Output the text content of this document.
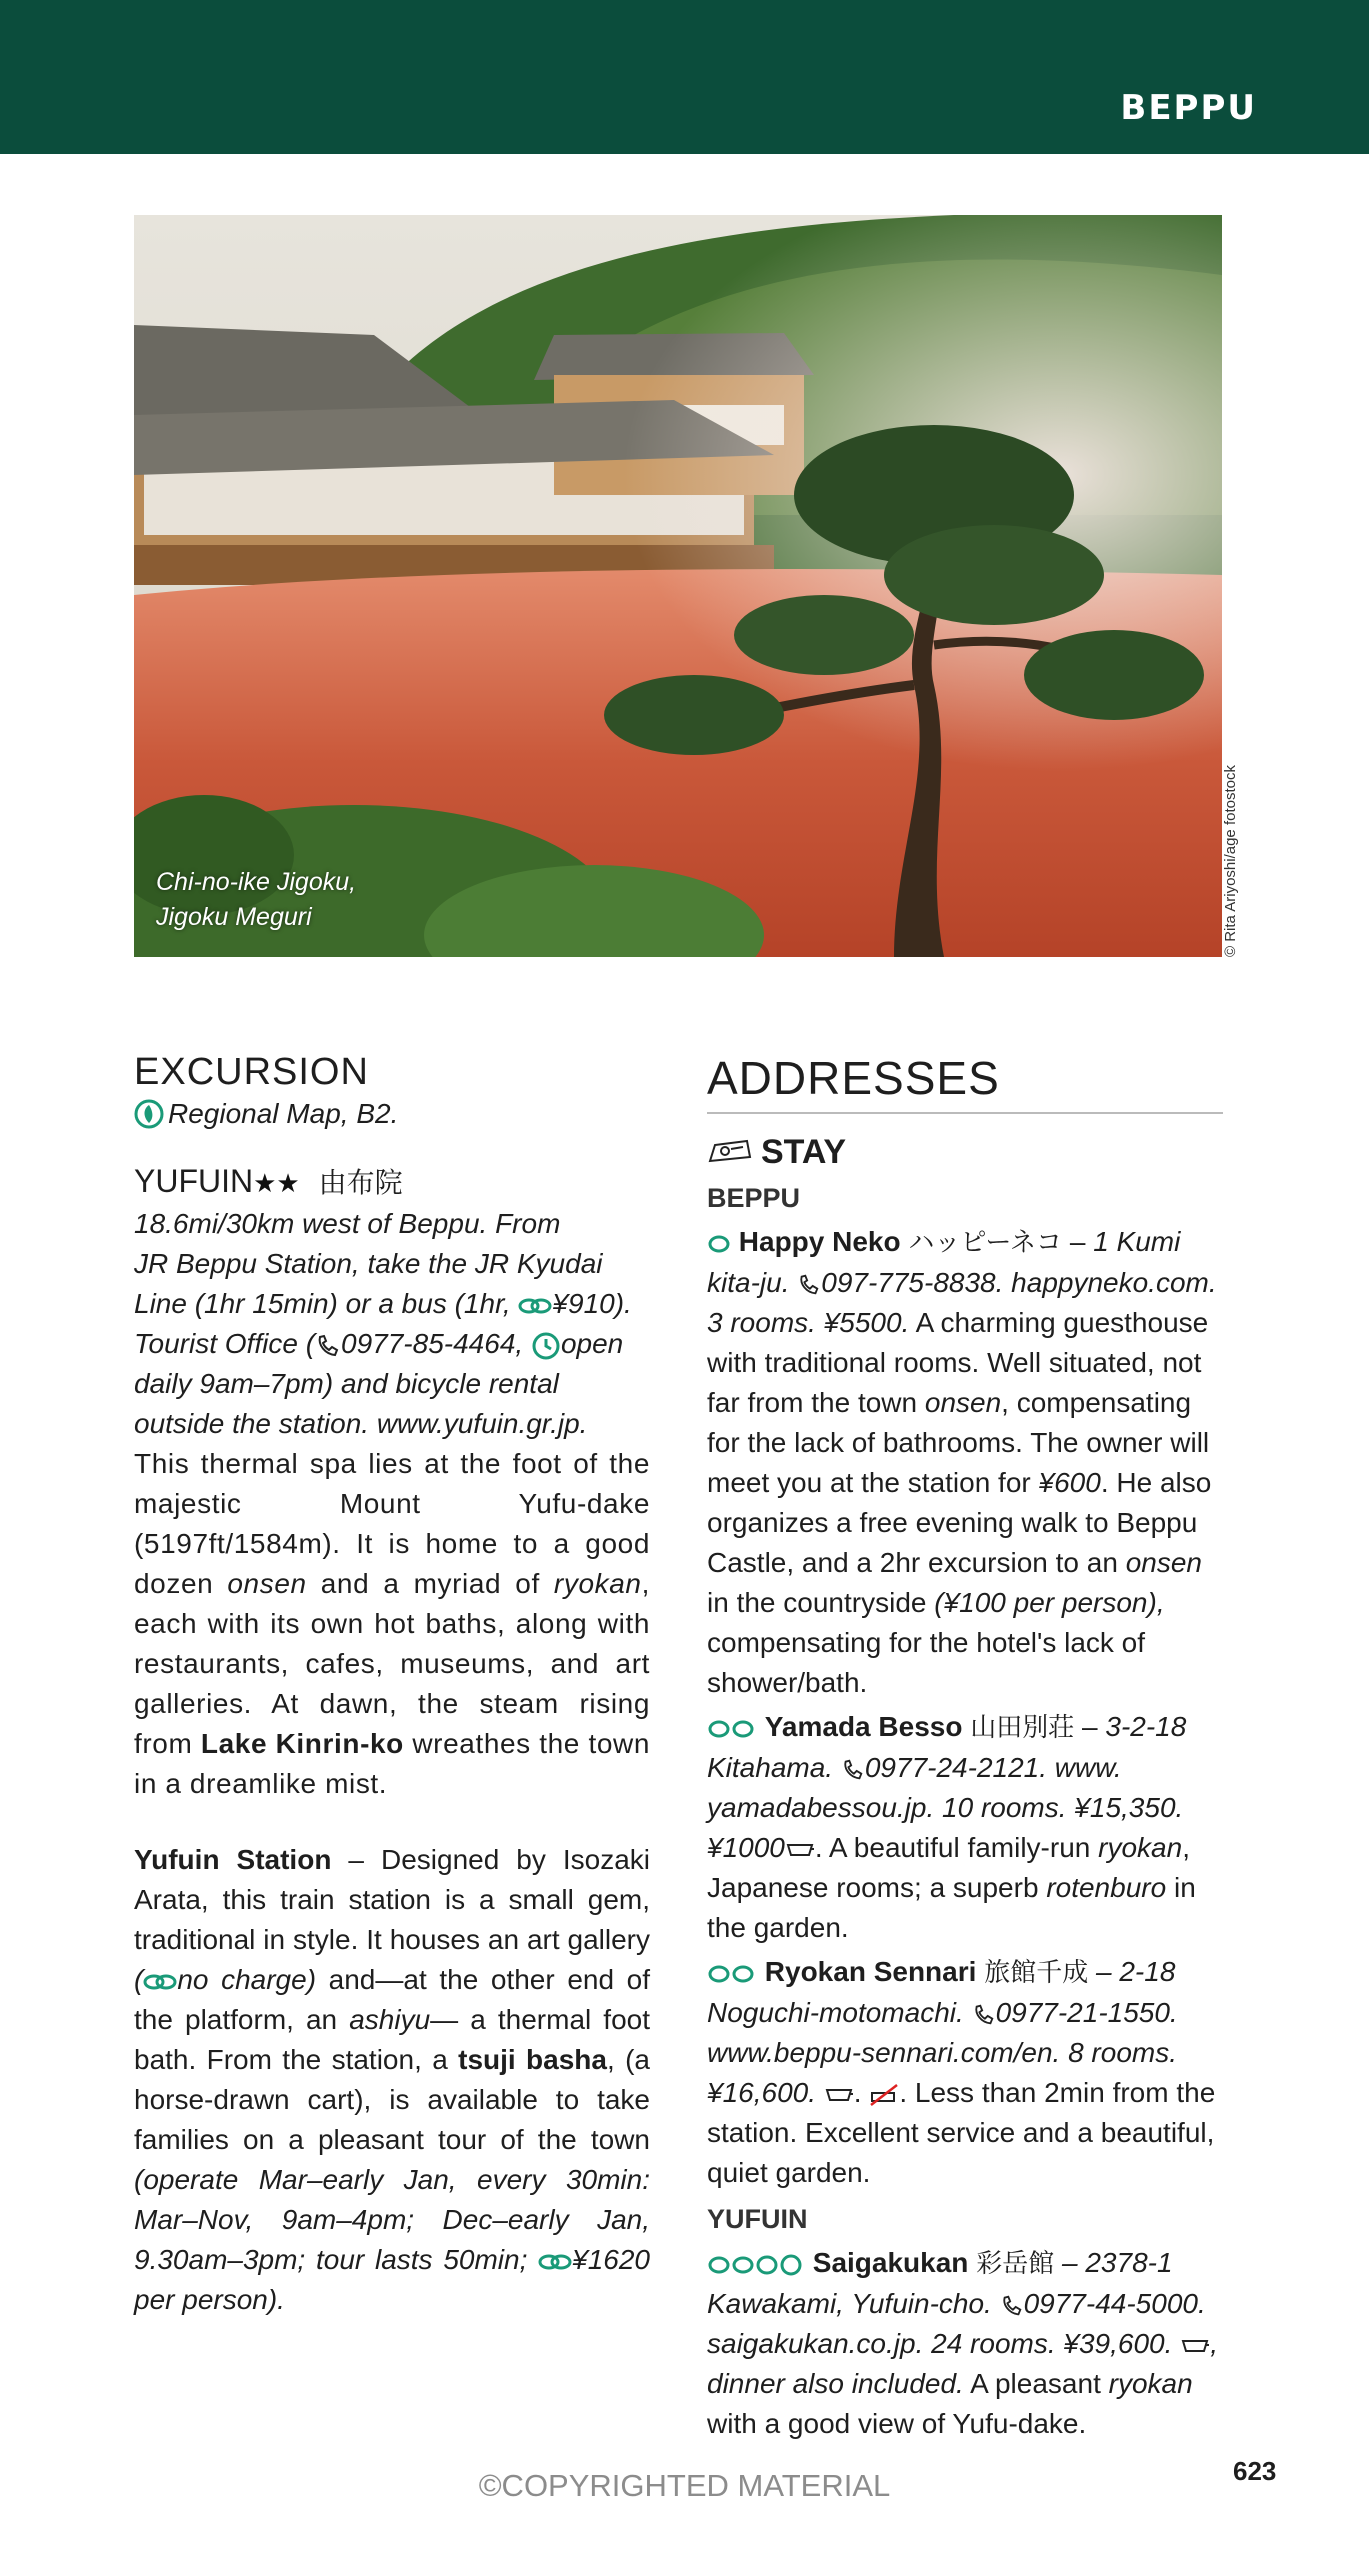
BEPPU
Chi-no-ike Jigoku,
Jigoku Meguri	© Rita Ariyoshi/age fotostock
EXCURSION
Regional Map, B2.
YUFUIN★★ 由布院
18.6mi/30km west of Beppu. From
JR Beppu Station, take the JR Kyudai
Line (1hr 15min) or a bus (1hr, ¥910).
Tourist Office ( 0977-85-4464, open
daily 9am–7pm) and bicycle rental
outside the station. www.yufuin.gr.jp.
This thermal spa lies at the foot of the majestic Mount Yufu-dake (5197ft/1584m). It is home to a good dozen onsen and a myriad of ryokan, each with its own hot baths, along with restaurants, cafes, museums, and art galleries. At dawn, the steam rising from Lake Kinrin-ko wreathes the town in a dreamlike mist.
Yufuin Station – Designed by Isozaki Arata, this train station is a small gem, traditional in style. It houses an art gallery ( no charge) and—at the other end of the platform, an ashiyu— a thermal foot bath. From the station, a tsuji basha, (a horse-drawn cart), is available to take families on a pleasant tour of the town (operate Mar–early Jan, every 30min: Mar–Nov, 9am–4pm; Dec–early Jan, 9.30am–3pm; tour lasts 50min; ¥1620 per person).
ADDRESSES
STAY
BEPPU
Happy Neko ハッピーネコ – 1 Kumi kita-ju. 097-775-8838. happyneko.com. 3 rooms. ¥5500. A charming guesthouse with traditional rooms. Well situated, not far from the town onsen, compensating for the lack of bathrooms. The owner will meet you at the station for ¥600. He also organizes a free evening walk to Beppu Castle, and a 2hr excursion to an onsen in the countryside (¥100 per person), compensating for the hotel's lack of shower/bath.
Yamada Besso 山田別荘 – 3-2-18 Kitahama. 0977-24-2121. www. yamadabessou.jp. 10 rooms. ¥15,350. ¥1000 . A beautiful family-run ryokan, Japanese rooms; a superb rotenburo in the garden.
Ryokan Sennari 旅館千成 – 2-18 Noguchi-motomachi. 0977-21-1550. www.beppu-sennari.com/en. 8 rooms. ¥16,600. . . Less than 2min from the station. Excellent service and a beautiful, quiet garden.
YUFUIN
Saigakukan 彩岳館 – 2378-1 Kawakami, Yufuin-cho. 0977-44-5000. saigakukan.co.jp. 24 rooms. ¥39,600. , dinner also included. A pleasant ryokan with a good view of Yufu-dake.
©COPYRIGHTED MATERIAL	623
